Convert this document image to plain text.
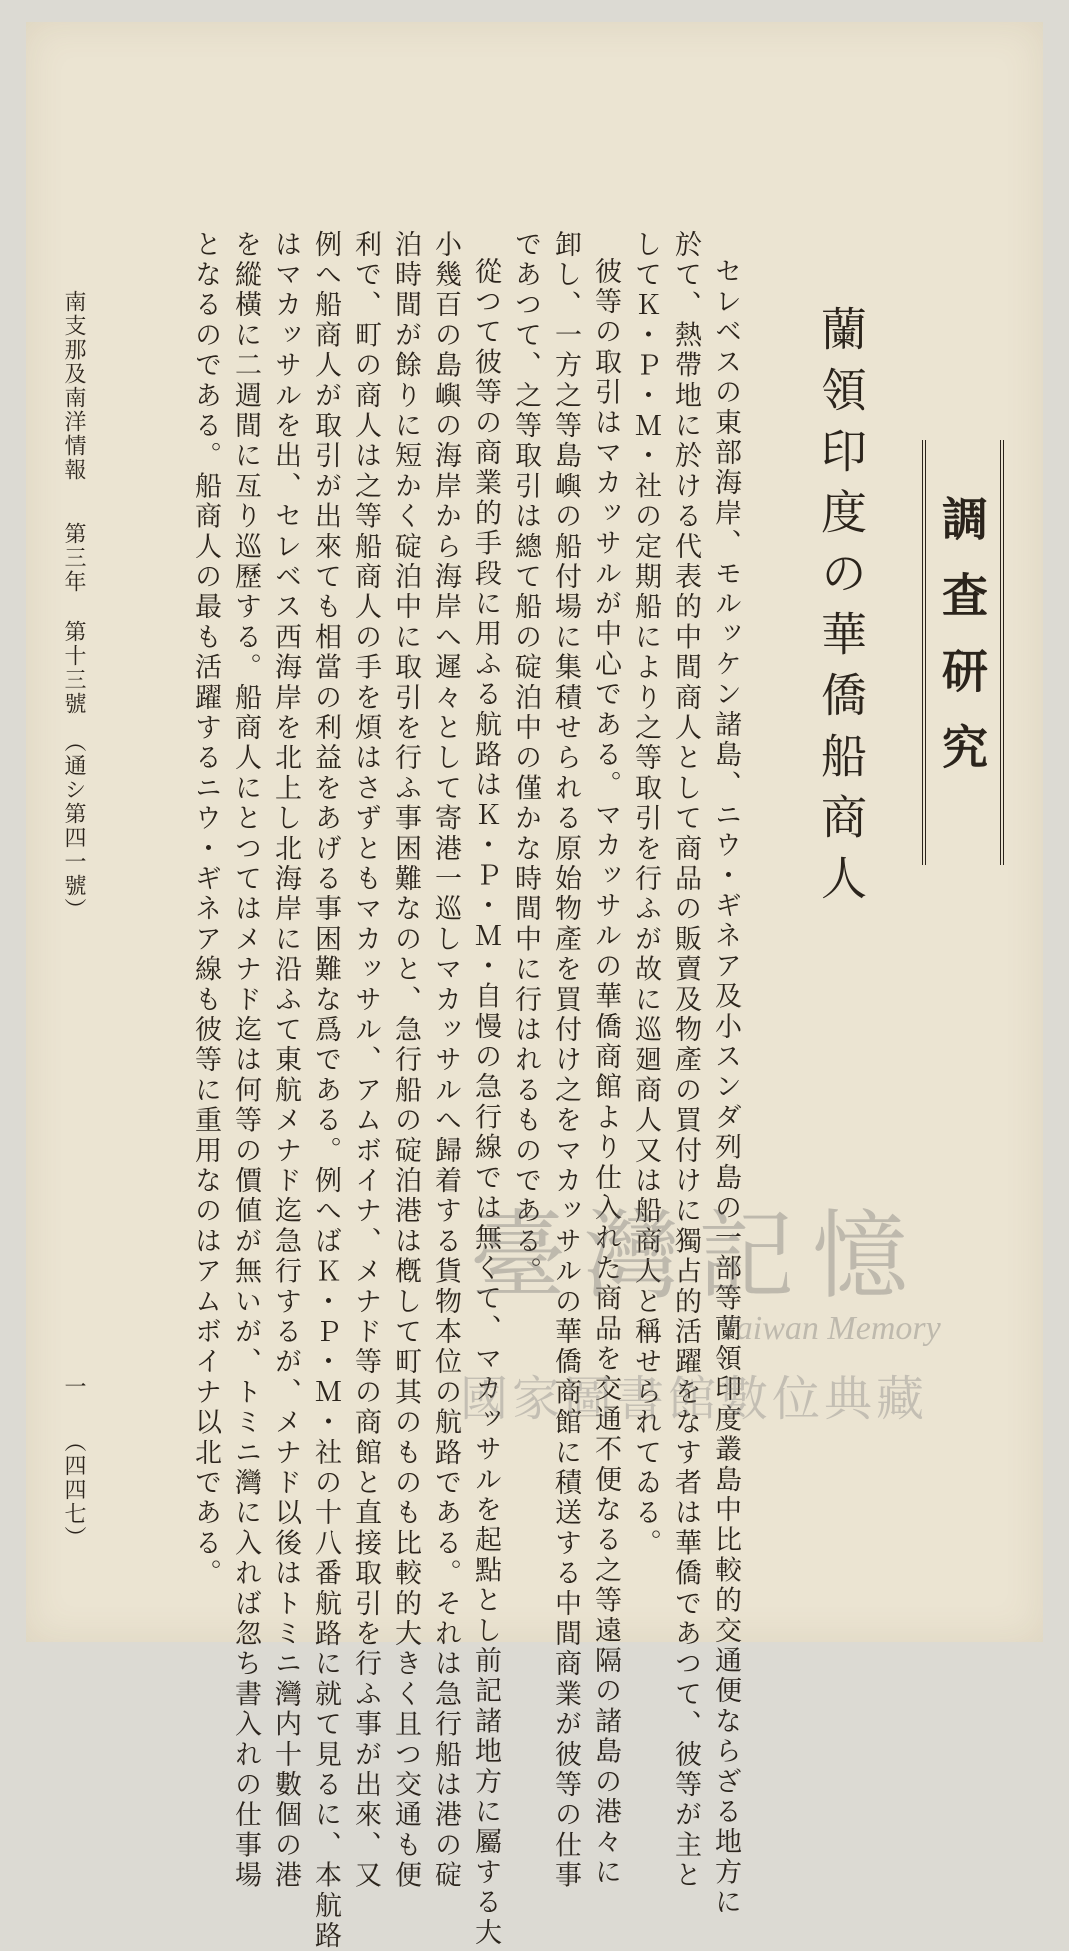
調査研究
蘭領印度の華僑船商人
セレベスの東部海岸、モルッケン諸島、ニウ・ギネア及小スンダ列島の一部等蘭領印度叢島中比較的交通便ならざる地方に
於て、熱帶地に於ける代表的中間商人として商品の販賣及物產の買付けに獨占的活躍をなす者は華僑であつて、彼等が主と
してＫ・Ｐ・Ｍ・社の定期船により之等取引を行ふが故に巡廻商人又は船商人と稱せられてゐる。
彼等の取引はマカッサルが中心である。マカッサルの華僑商館より仕入れた商品を交通不便なる之等遠隔の諸島の港々に
卸し、一方之等島嶼の船付場に集積せられる原始物產を買付け之をマカッサルの華僑商館に積送する中間商業が彼等の仕事
であつて、之等取引は總て船の碇泊中の僅かな時間中に行はれるものである。
從つて彼等の商業的手段に用ふる航路はＫ・Ｐ・Ｍ・自慢の急行線では無くて、マカッサルを起點とし前記諸地方に屬する大
小幾百の島嶼の海岸から海岸へ遲々として寄港一巡しマカッサルへ歸着する貨物本位の航路である。それは急行船は港の碇
泊時間が餘りに短かく碇泊中に取引を行ふ事困難なのと、急行船の碇泊港は槪して町其のものも比較的大きく且つ交通も便
利で、町の商人は之等船商人の手を煩はさずともマカッサル、アムボイナ、メナド等の商館と直接取引を行ふ事が出來、又
例へ船商人が取引が出來ても相當の利益をあげる事困難な爲である。例へばＫ・Ｐ・Ｍ・社の十八番航路に就て見るに、本航路
はマカッサルを出、セレベス西海岸を北上し北海岸に沿ふて東航メナド迄急行するが、メナド以後はトミニ灣内十數個の港
を縱橫に二週間に亙り巡歷する。船商人にとつてはメナド迄は何等の價値が無いが、トミニ灣に入れば忽ち書入れの仕事場
となるのである。船商人の最も活躍するニウ・ギネア線も彼等に重用なのはアムボイナ以北である。
南支那及南洋情報第三年第十三號（通シ第四一號）
一
（四四七）
臺灣記憶
Taiwan Memory
國家圖書館數位典藏
